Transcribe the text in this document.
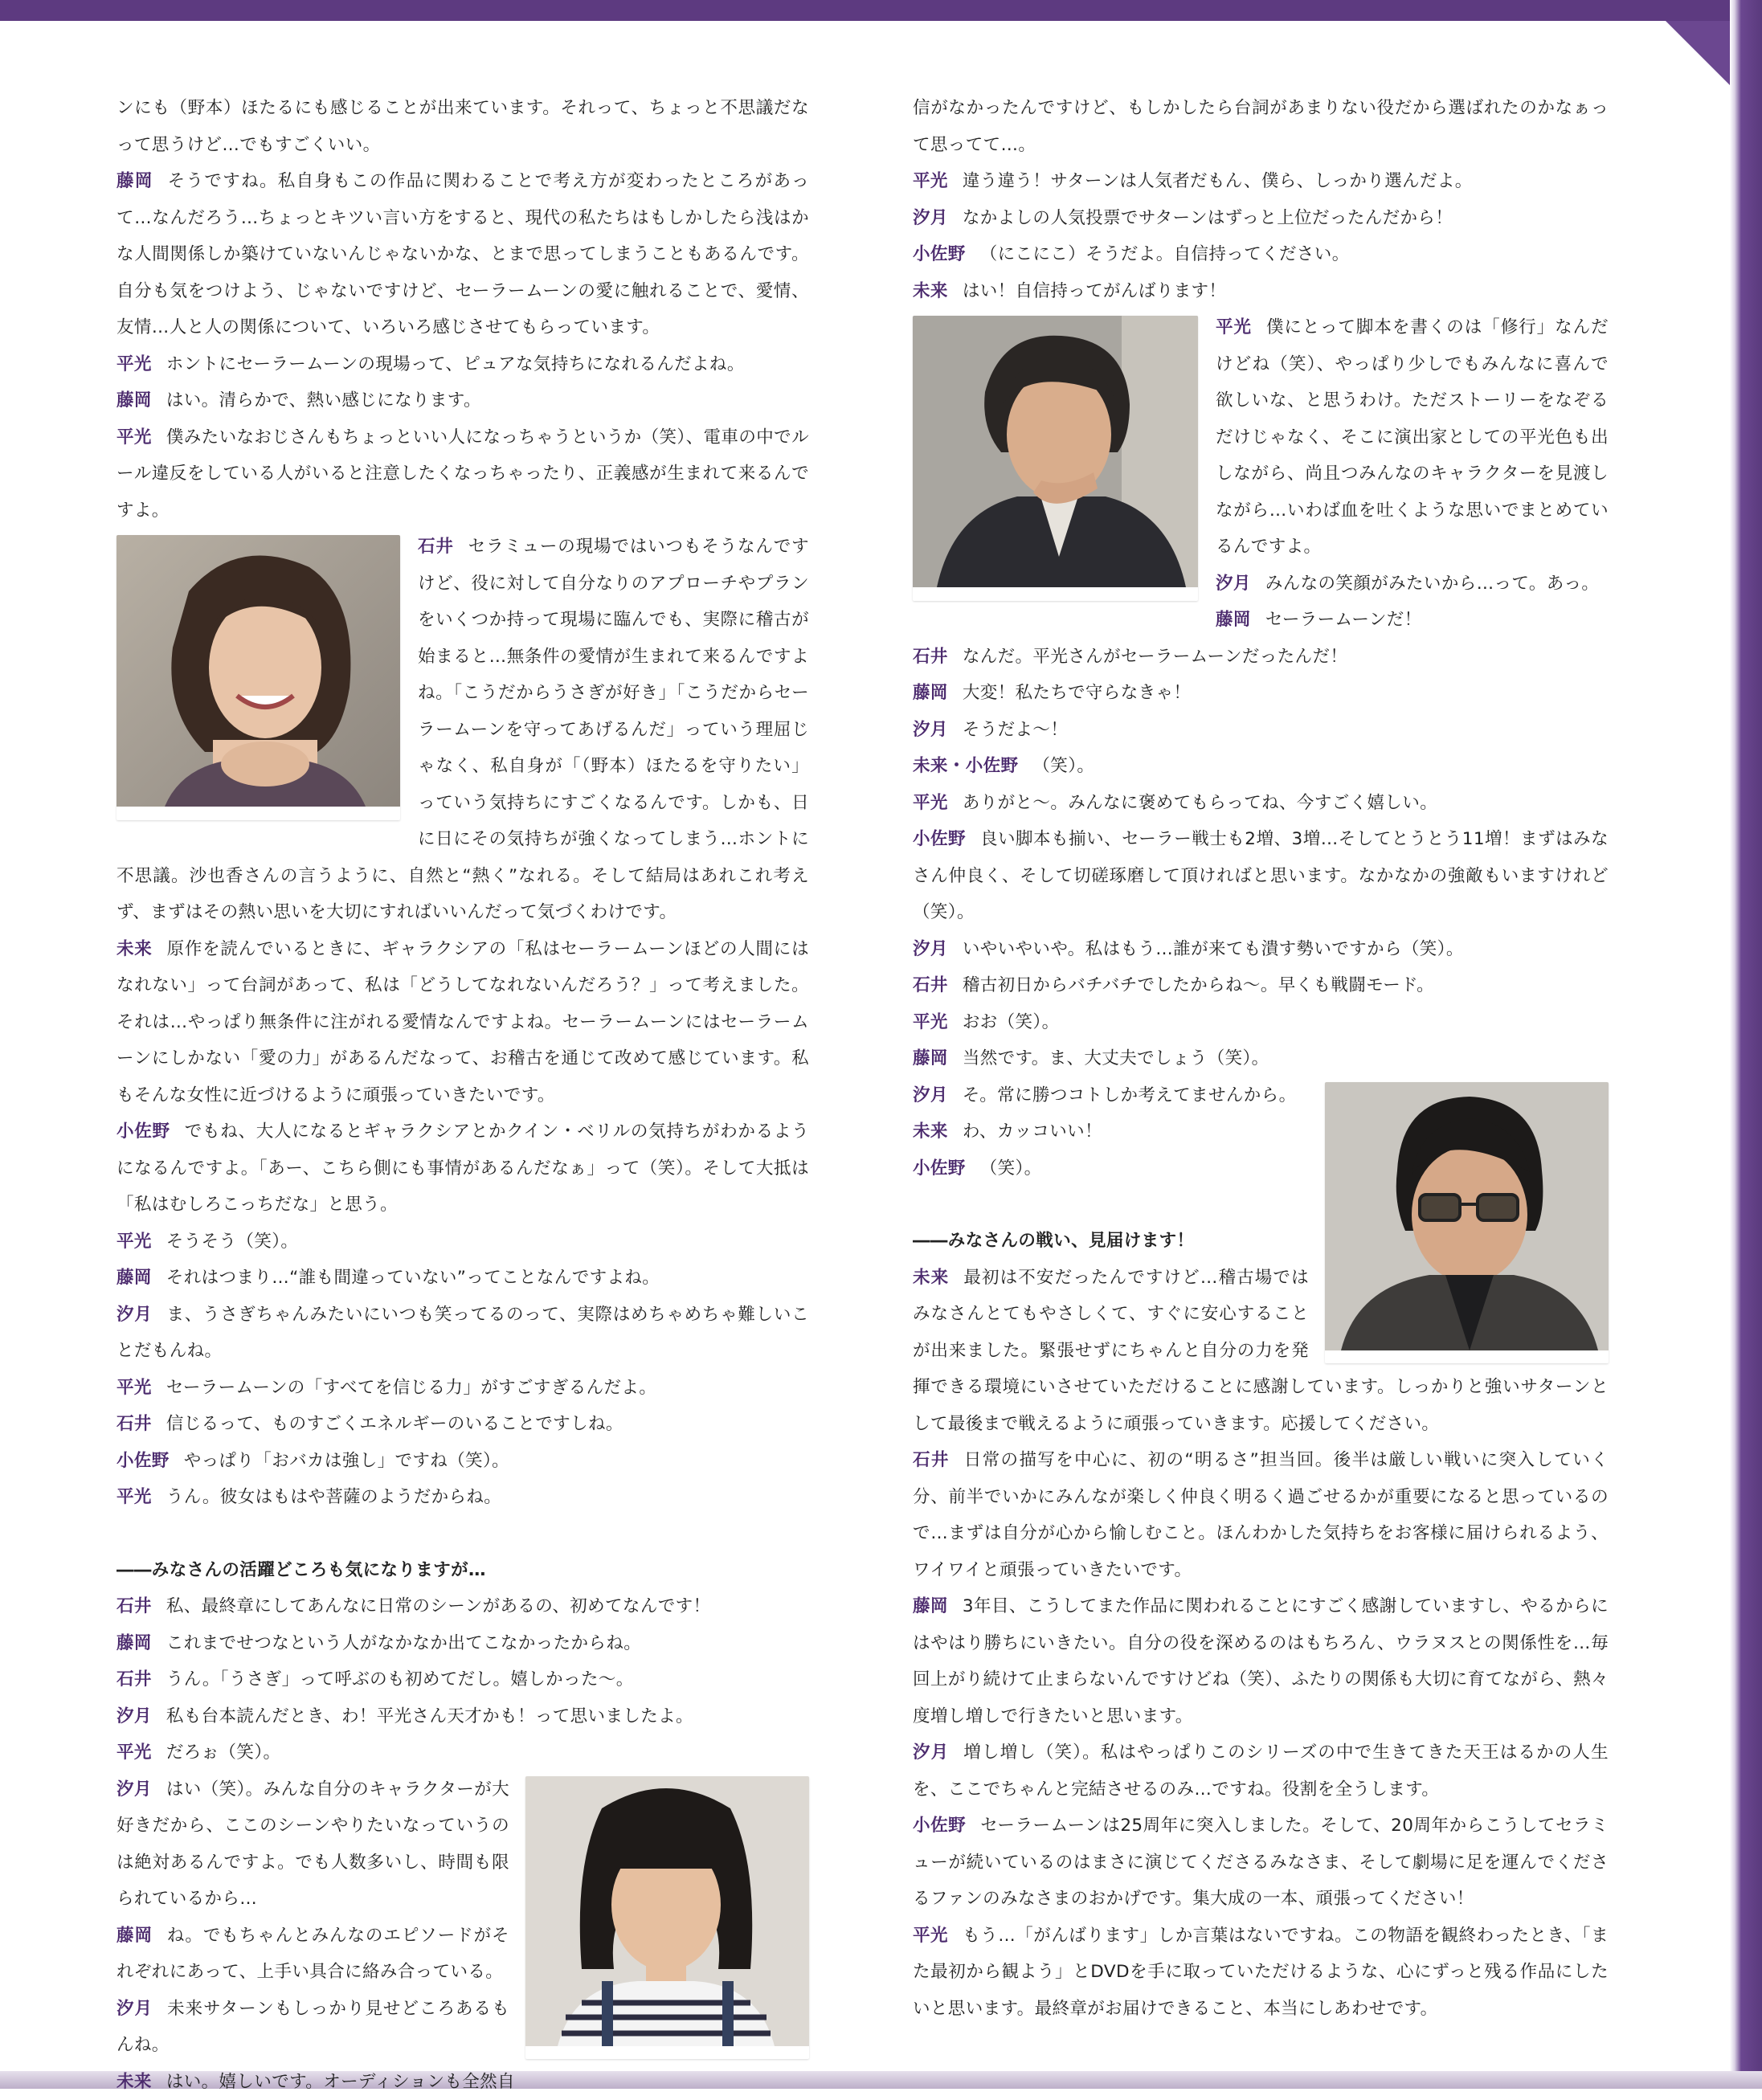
ンにも（野本）ほたるにも感じることが出来ています。それって、ちょっと不思議だなって思うけど…でもすごくいい。

藤岡 そうですね。私自身もこの作品に関わることで考え方が変わったところがあって…なんだろう…ちょっとキツい言い方をすると、現代の私たちはもしかしたら浅はかな人間関係しか築けていないんじゃないかな、とまで思ってしまうこともあるんです。自分も気をつけよう、じゃないですけど、セーラームーンの愛に触れることで、愛情、友情…人と人の関係について、いろいろ感じさせてもらっています。

平光 ホントにセーラームーンの現場って、ピュアな気持ちになれるんだよね。

藤岡 はい。清らかで、熱い感じになります。

平光 僕みたいなおじさんもちょっといい人になっちゃうというか（笑）、電車の中でルール違反をしている人がいると注意したくなっちゃったり、正義感が生まれて来るんですよ。

石井 セラミューの現場ではいつもそうなんですけど、役に対して自分なりのアプローチやプランをいくつか持って現場に臨んでも、実際に稽古が始まると…無条件の愛情が生まれて来るんですよね。「こうだからうさぎが好き」「こうだからセーラームーンを守ってあげるんだ」っていう理屈じゃなく、私自身が「（野本）ほたるを守りたい」っていう気持ちにすごくなるんです。しかも、日に日にその気持ちが強くなってしまう…ホントに不思議。沙也香さんの言うように、自然と“熱く”なれる。そして結局はあれこれ考えず、まずはその熱い思いを大切にすればいいんだって気づくわけです。

未来 原作を読んでいるときに、ギャラクシアの「私はセーラームーンほどの人間にはなれない」って台詞があって、私は「どうしてなれないんだろう？」って考えました。それは…やっぱり無条件に注がれる愛情なんですよね。セーラームーンにはセーラームーンにしかない「愛の力」があるんだなって、お稽古を通じて改めて感じています。私もそんな女性に近づけるように頑張っていきたいです。

小佐野 でもね、大人になるとギャラクシアとかクイン・ベリルの気持ちがわかるようになるんですよ。「あー、こちら側にも事情があるんだなぁ」って（笑）。そして大抵は「私はむしろこっちだな」と思う。

平光 そうそう（笑）。

藤岡 それはつまり…“誰も間違っていない”ってことなんですよね。

汐月 ま、うさぎちゃんみたいにいつも笑ってるのって、実際はめちゃめちゃ難しいことだもんね。

平光 セーラームーンの「すべてを信じる力」がすごすぎるんだよ。

石井 信じるって、ものすごくエネルギーのいることですしね。

小佐野 やっぱり「おバカは強し」ですね（笑）。

平光 うん。彼女はもはや菩薩のようだからね。

――みなさんの活躍どころも気になりますが…

石井 私、最終章にしてあんなに日常のシーンがあるの、初めてなんです！

藤岡 これまでせつなという人がなかなか出てこなかったからね。

石井 うん。「うさぎ」って呼ぶのも初めてだし。嬉しかった〜。

汐月 私も台本読んだとき、わ！平光さん天才かも！って思いましたよ。

平光 だろぉ（笑）。

汐月 はい（笑）。みんな自分のキャラクターが大好きだから、ここのシーンやりたいなっていうのは絶対あるんですよ。でも人数多いし、時間も限られているから…

藤岡 ね。でもちゃんとみんなのエピソードがそれぞれにあって、上手い具合に絡み合っている。

汐月 未来サターンもしっかり見せどころあるもんね。

未来 はい。嬉しいです。オーディションも全然自

信がなかったんですけど、もしかしたら台詞があまりない役だから選ばれたのかなぁって思ってて…。

平光 違う違う！サターンは人気者だもん、僕ら、しっかり選んだよ。

汐月 なかよしの人気投票でサターンはずっと上位だったんだから！

小佐野 （にこにこ）そうだよ。自信持ってください。

未来 はい！自信持ってがんばります！

平光 僕にとって脚本を書くのは「修行」なんだけどね（笑）、やっぱり少しでもみんなに喜んで欲しいな、と思うわけ。ただストーリーをなぞるだけじゃなく、そこに演出家としての平光色も出しながら、尚且つみんなのキャラクターを見渡しながら…いわば血を吐くような思いでまとめているんですよ。

汐月 みんなの笑顔がみたいから…って。あっ。

藤岡 セーラームーンだ！

石井 なんだ。平光さんがセーラームーンだったんだ！

藤岡 大変！私たちで守らなきゃ！

汐月 そうだよ〜！

未来・小佐野 （笑）。

平光 ありがと〜。みんなに褒めてもらってね、今すごく嬉しい。

小佐野 良い脚本も揃い、セーラー戦士も2増、3増…そしてとうとう11増！まずはみなさん仲良く、そして切磋琢磨して頂ければと思います。なかなかの強敵もいますけれど（笑）。

汐月 いやいやいや。私はもう…誰が来ても潰す勢いですから（笑）。

石井 稽古初日からバチバチでしたからね〜。早くも戦闘モード。

平光 おお（笑）。

藤岡 当然です。ま、大丈夫でしょう（笑）。

汐月 そ。常に勝つコトしか考えてませんから。

未来 わ、カッコいい！

小佐野 （笑）。

――みなさんの戦い、見届けます！

未来 最初は不安だったんですけど…稽古場ではみなさんとてもやさしくて、すぐに安心することが出来ました。緊張せずにちゃんと自分の力を発揮できる環境にいさせていただけることに感謝しています。しっかりと強いサターンとして最後まで戦えるように頑張っていきます。応援してください。

石井 日常の描写を中心に、初の“明るさ”担当回。後半は厳しい戦いに突入していく分、前半でいかにみんなが楽しく仲良く明るく過ごせるかが重要になると思っているので…まずは自分が心から愉しむこと。ほんわかした気持ちをお客様に届けられるよう、ワイワイと頑張っていきたいです。

藤岡 3年目、こうしてまた作品に関われることにすごく感謝していますし、やるからにはやはり勝ちにいきたい。自分の役を深めるのはもちろん、ウラヌスとの関係性を…毎回上がり続けて止まらないんですけどね（笑）、ふたりの関係も大切に育てながら、熱々度増し増しで行きたいと思います。

汐月 増し増し（笑）。私はやっぱりこのシリーズの中で生きてきた天王はるかの人生を、ここでちゃんと完結させるのみ…ですね。役割を全うします。

小佐野 セーラームーンは25周年に突入しました。そして、20周年からこうしてセラミューが続いているのはまさに演じてくださるみなさま、そして劇場に足を運んでくださるファンのみなさまのおかげです。集大成の一本、頑張ってください！

平光 もう…「がんばります」しか言葉はないですね。この物語を観終わったとき、「また最初から観よう」とDVDを手に取っていただけるような、心にずっと残る作品にしたいと思います。最終章がお届けできること、本当にしあわせです。
